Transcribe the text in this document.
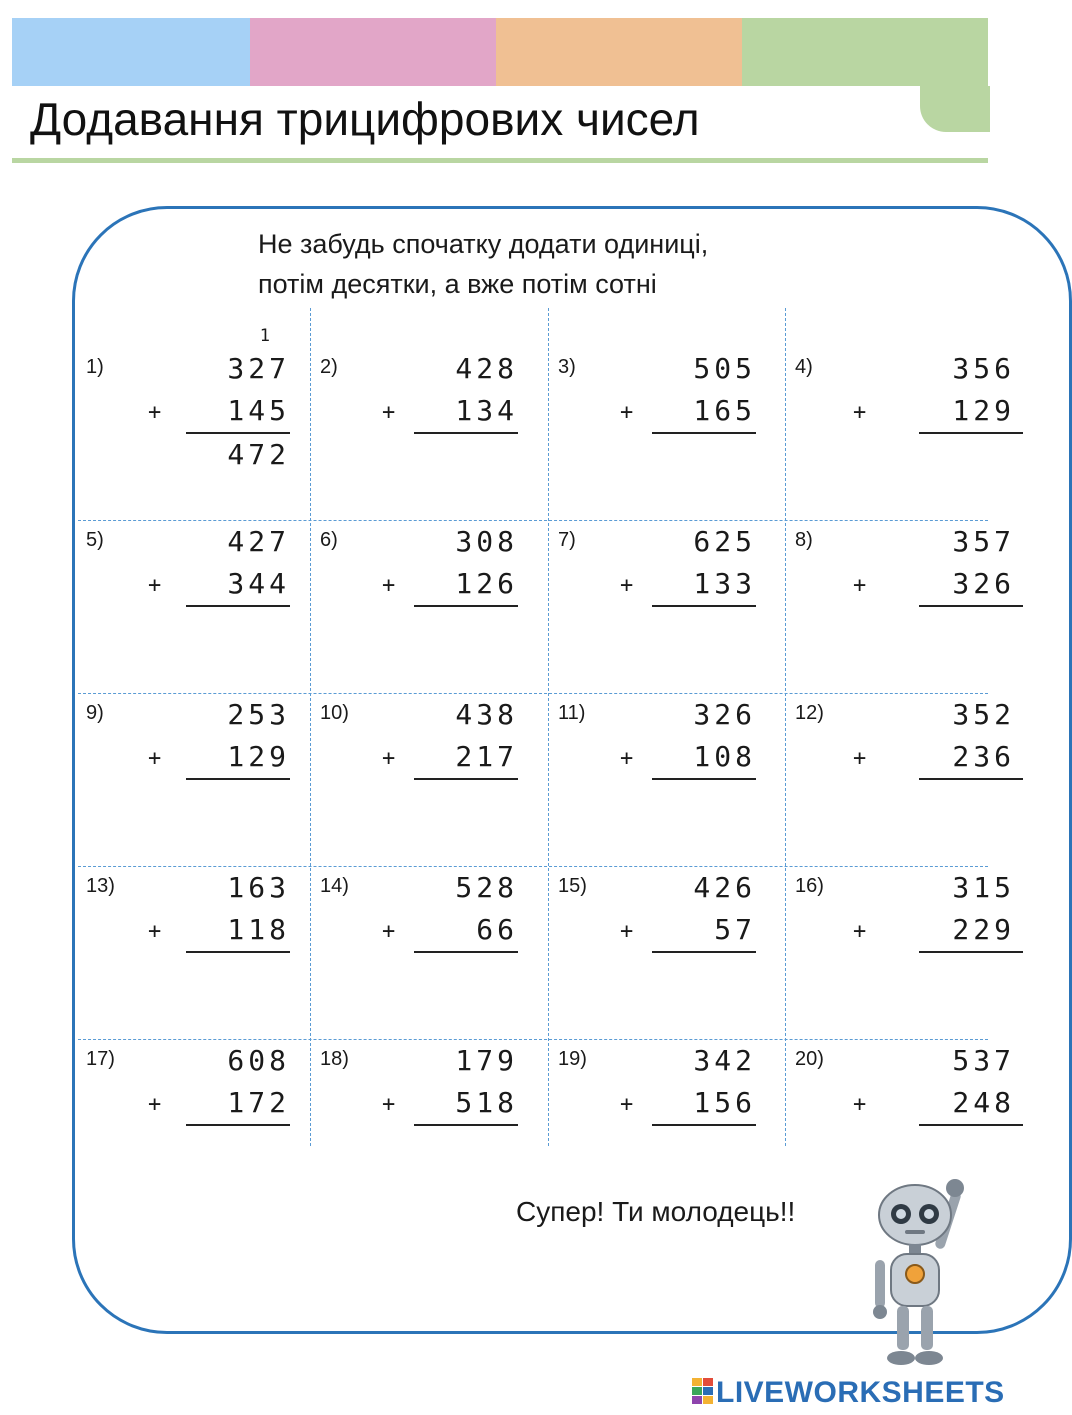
Додавання трицифрових чисел
Не забудь спочатку додати одиниці,
потім десятки, а вже потім сотні
1)
1
327
+ 145
472
2)	428
+ 134
3)	505
+ 165
4)	356
+	129
5)	427
+ 344
6)	308
+ 126
7)	625
+ 133
8)	357
+	326
9)	253
+ 129
10)	438
+ 217
11)	326
+ 108
12)	352
+	236
13)	163
+ 118
14)	528
+	66
15)	426
+	57
16)	315
+	229
17)	608
+ 172
18)	179
+ 518
19)	342
+ 156
20)	537
+	248
Супер! Ти молодець!!
LIVEWORKSHEETS
